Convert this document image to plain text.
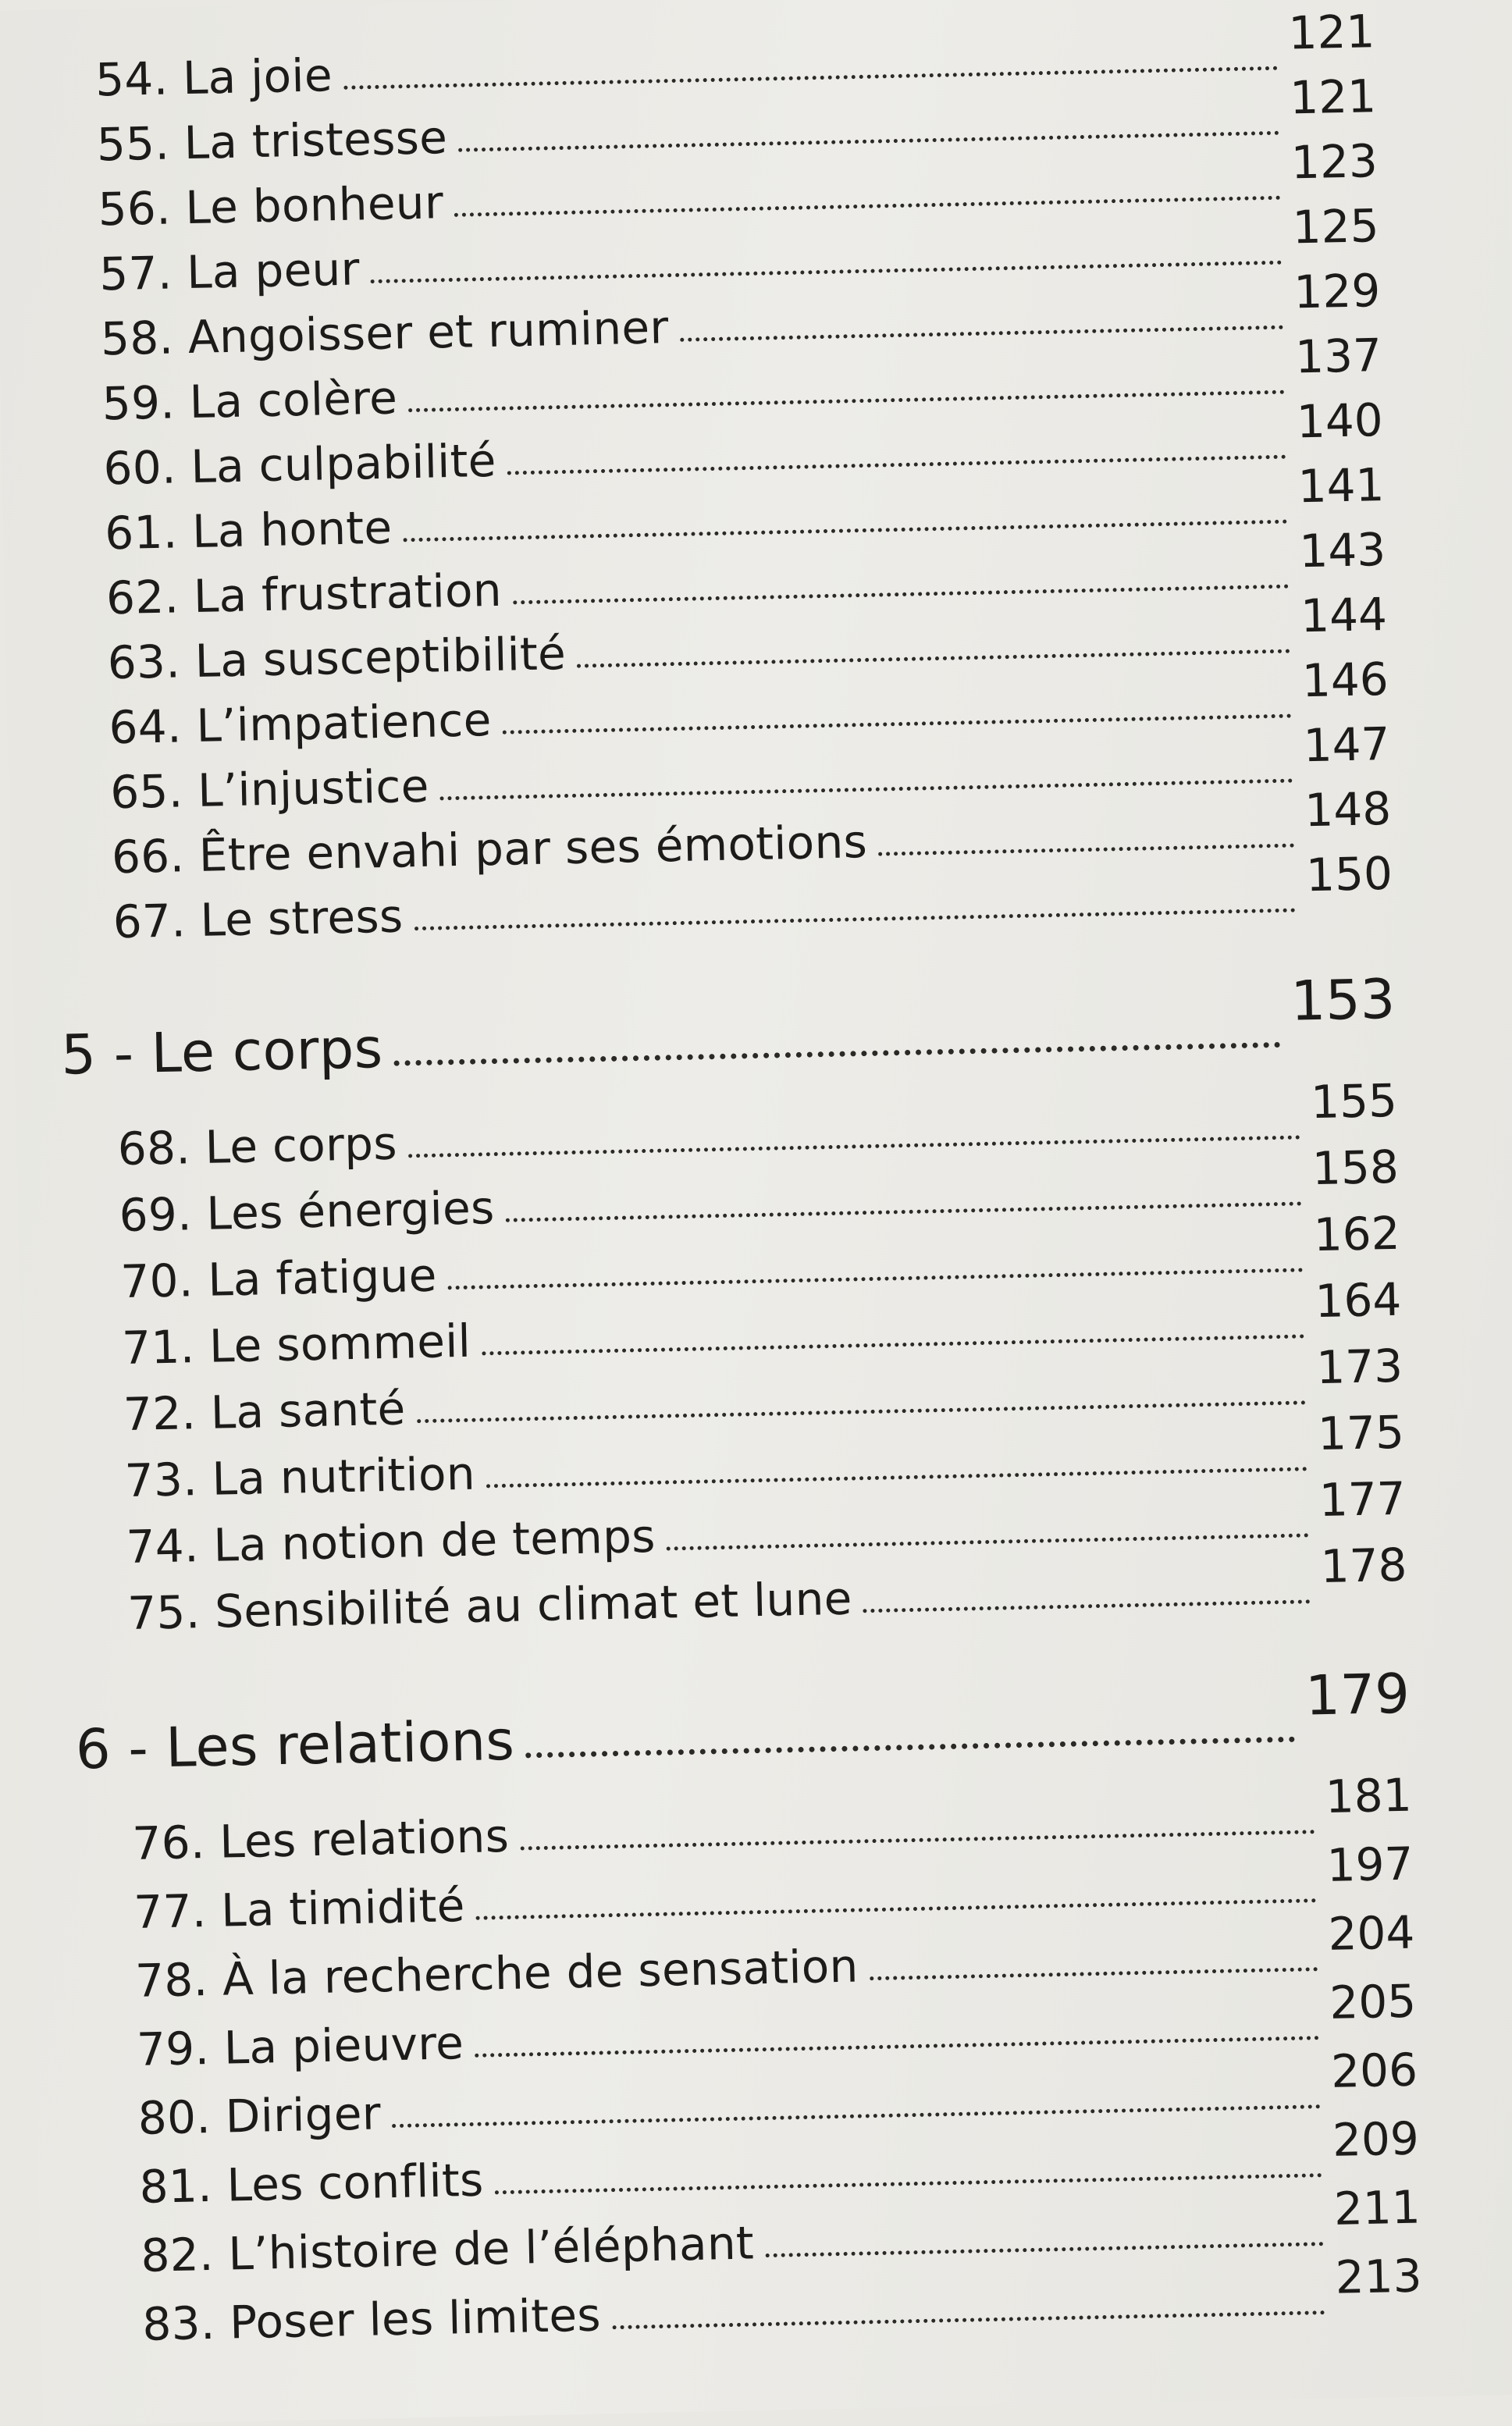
54. La joie
121
55. La tristesse
121
56. Le bonheur
123
57. La peur
125
58. Angoisser et ruminer
129
59. La colère
137
60. La culpabilité
140
61. La honte
141
62. La frustration
143
63. La susceptibilité
144
64. L’impatience
146
65. L’injustice
147
66. Être envahi par ses émotions
148
67. Le stress
150
5 - Le corps
153
68. Le corps
155
69. Les énergies
158
70. La fatigue
162
71. Le sommeil
164
72. La santé
173
73. La nutrition
175
74. La notion de temps
177
75. Sensibilité au climat et lune
178
6 - Les relations
179
76. Les relations
181
77. La timidité
197
78. À la recherche de sensation
204
79. La pieuvre
205
80. Diriger
206
81. Les conflits
209
82. L’histoire de l’éléphant
211
83. Poser les limites
213
